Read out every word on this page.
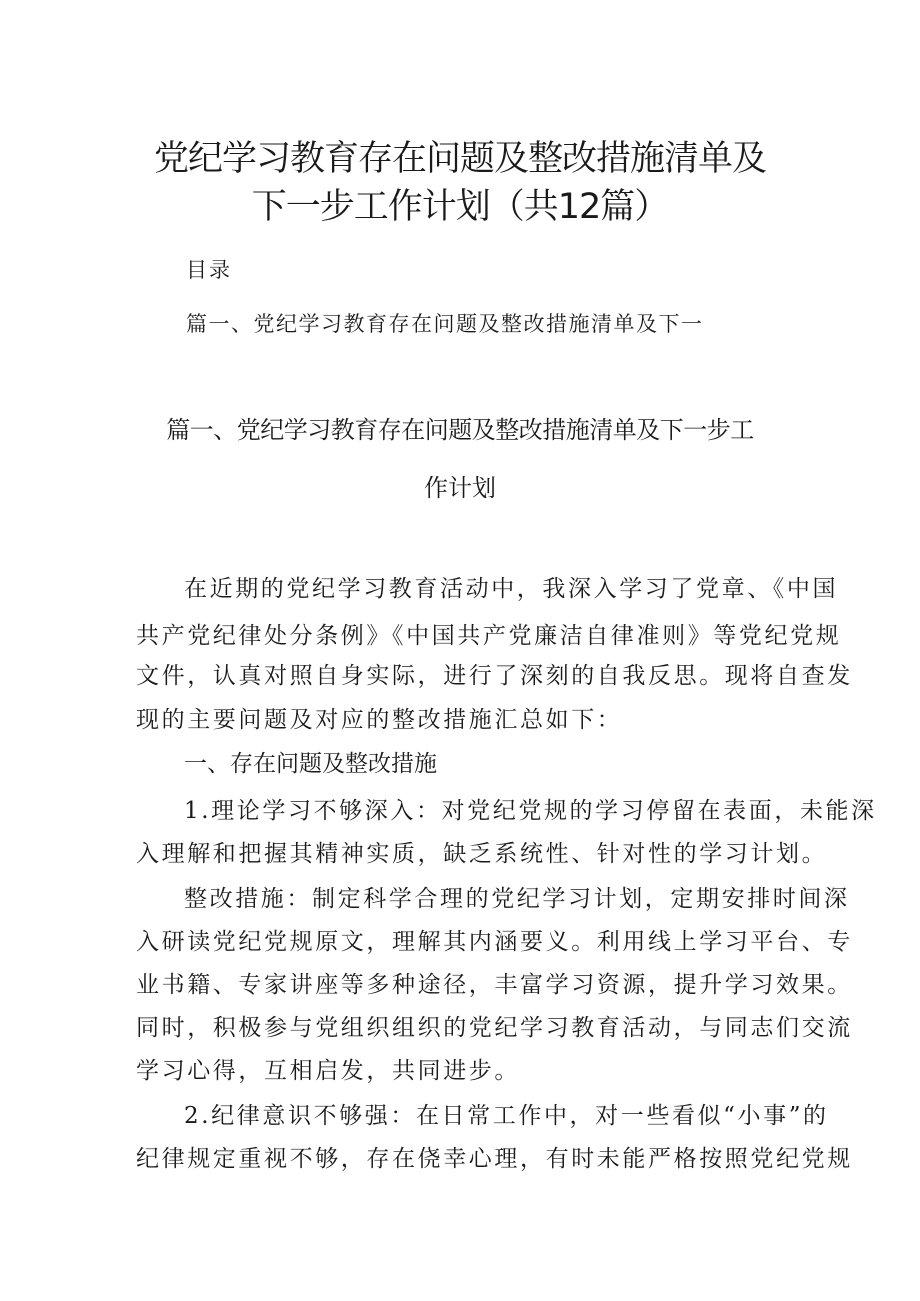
党纪学习教育存在问题及整改措施清单及
下一步工作计划（共12篇）
目录
篇一、党纪学习教育存在问题及整改措施清单及下一
篇一、党纪学习教育存在问题及整改措施清单及下一步工
作计划
在近期的党纪学习教育活动中，我深入学习了党章、《中国
共产党纪律处分条例》《中国共产党廉洁自律准则》等党纪党规
文件，认真对照自身实际，进行了深刻的自我反思。现将自查发
现的主要问题及对应的整改措施汇总如下：
一、存在问题及整改措施
1.理论学习不够深入：对党纪党规的学习停留在表面，未能深
入理解和把握其精神实质，缺乏系统性、针对性的学习计划。
整改措施：制定科学合理的党纪学习计划，定期安排时间深
入研读党纪党规原文，理解其内涵要义。利用线上学习平台、专
业书籍、专家讲座等多种途径，丰富学习资源，提升学习效果。
同时，积极参与党组织组织的党纪学习教育活动，与同志们交流
学习心得，互相启发，共同进步。
2.纪律意识不够强：在日常工作中，对一些看似“小事”的
纪律规定重视不够，存在侥幸心理，有时未能严格按照党纪党规
